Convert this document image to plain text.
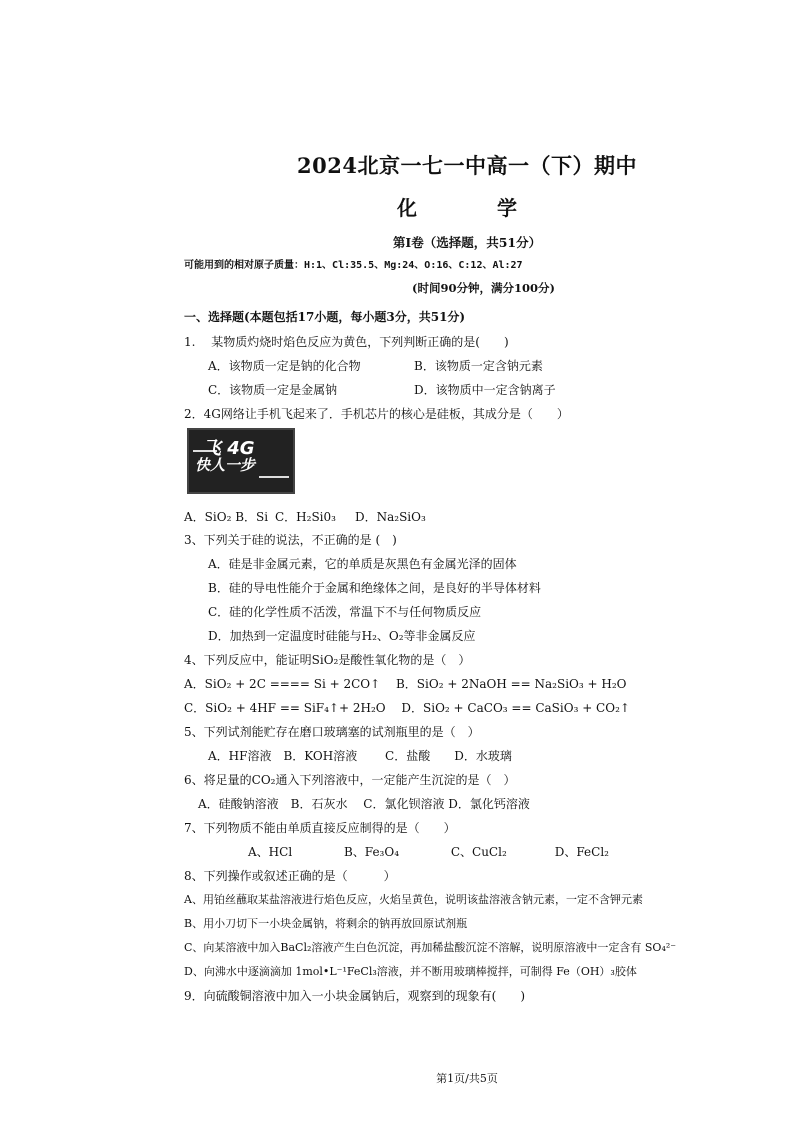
2024北京一七一中高一（下）期中
化　学
第Ⅰ卷（选择题，共51分）
可能用到的相对原子质量：H:1、Cl:35.5、Mg:24、O:16、C:12、Al:27
(时间90分钟，满分100分)
一、选择题(本题包括17小题，每小题3分，共51分)
1.　 某物质灼烧时焰色反应为黄色，下列判断正确的是(　　)
A．该物质一定是钠的化合物	B．该物质一定含钠元素
C．该物质一定是金属钠	D．该物质中一定含钠离子
2．4G网络让手机飞起来了．手机芯片的核心是硅板，其成分是（　　）
飞 4G
快人一步
A．SiO₂ B．Si C．H₂Si0₃ D．Na₂SiO₃
3、下列关于硅的说法，不正确的是 (　)
A．硅是非金属元素，它的单质是灰黑色有金属光泽的固体
B．硅的导电性能介于金属和绝缘体之间，是良好的半导体材料
C．硅的化学性质不活泼，常温下不与任何物质反应
D．加热到一定温度时硅能与H₂、O₂等非金属反应
4、下列反应中，能证明SiO₂是酸性氧化物的是（　）
A．SiO₂ + 2C ==== Si + 2CO↑　 B．SiO₂ + 2NaOH == Na₂SiO₃ + H₂O
C．SiO₂ + 4HF == SiF₄↑+ 2H₂O　 D．SiO₂ + CaCO₃ == CaSiO₃ + CO₂↑
5、下列试剂能贮存在磨口玻璃塞的试剂瓶里的是（　）
A．HF溶液　B．KOH溶液　　 C．盐酸　　D．水玻璃
6、将足量的CO₂通入下列溶液中，一定能产生沉淀的是（　）
A．硅酸钠溶液　B．石灰水　 C．氯化钡溶液 D．氯化钙溶液
7、下列物质不能由单质直接反应制得的是（　　）
A、HCl　　　　 B、Fe₃O₄　　　　 C、CuCl₂　　　　D、FeCl₂
8、下列操作或叙述正确的是（　　　）
A、用铂丝蘸取某盐溶液进行焰色反应，火焰呈黄色，说明该盐溶液含钠元素，一定不含钾元素
B、用小刀切下一小块金属钠，将剩余的钠再放回原试剂瓶
C、向某溶液中加入BaCl₂溶液产生白色沉淀，再加稀盐酸沉淀不溶解，说明原溶液中一定含有 SO₄²⁻
D、向沸水中逐滴滴加 1mol•L⁻¹FeCl₃溶液，并不断用玻璃棒搅拌，可制得 Fe（OH）₃胶体
9．向硫酸铜溶液中加入一小块金属钠后，观察到的现象有(　　)
第1页/共5页
